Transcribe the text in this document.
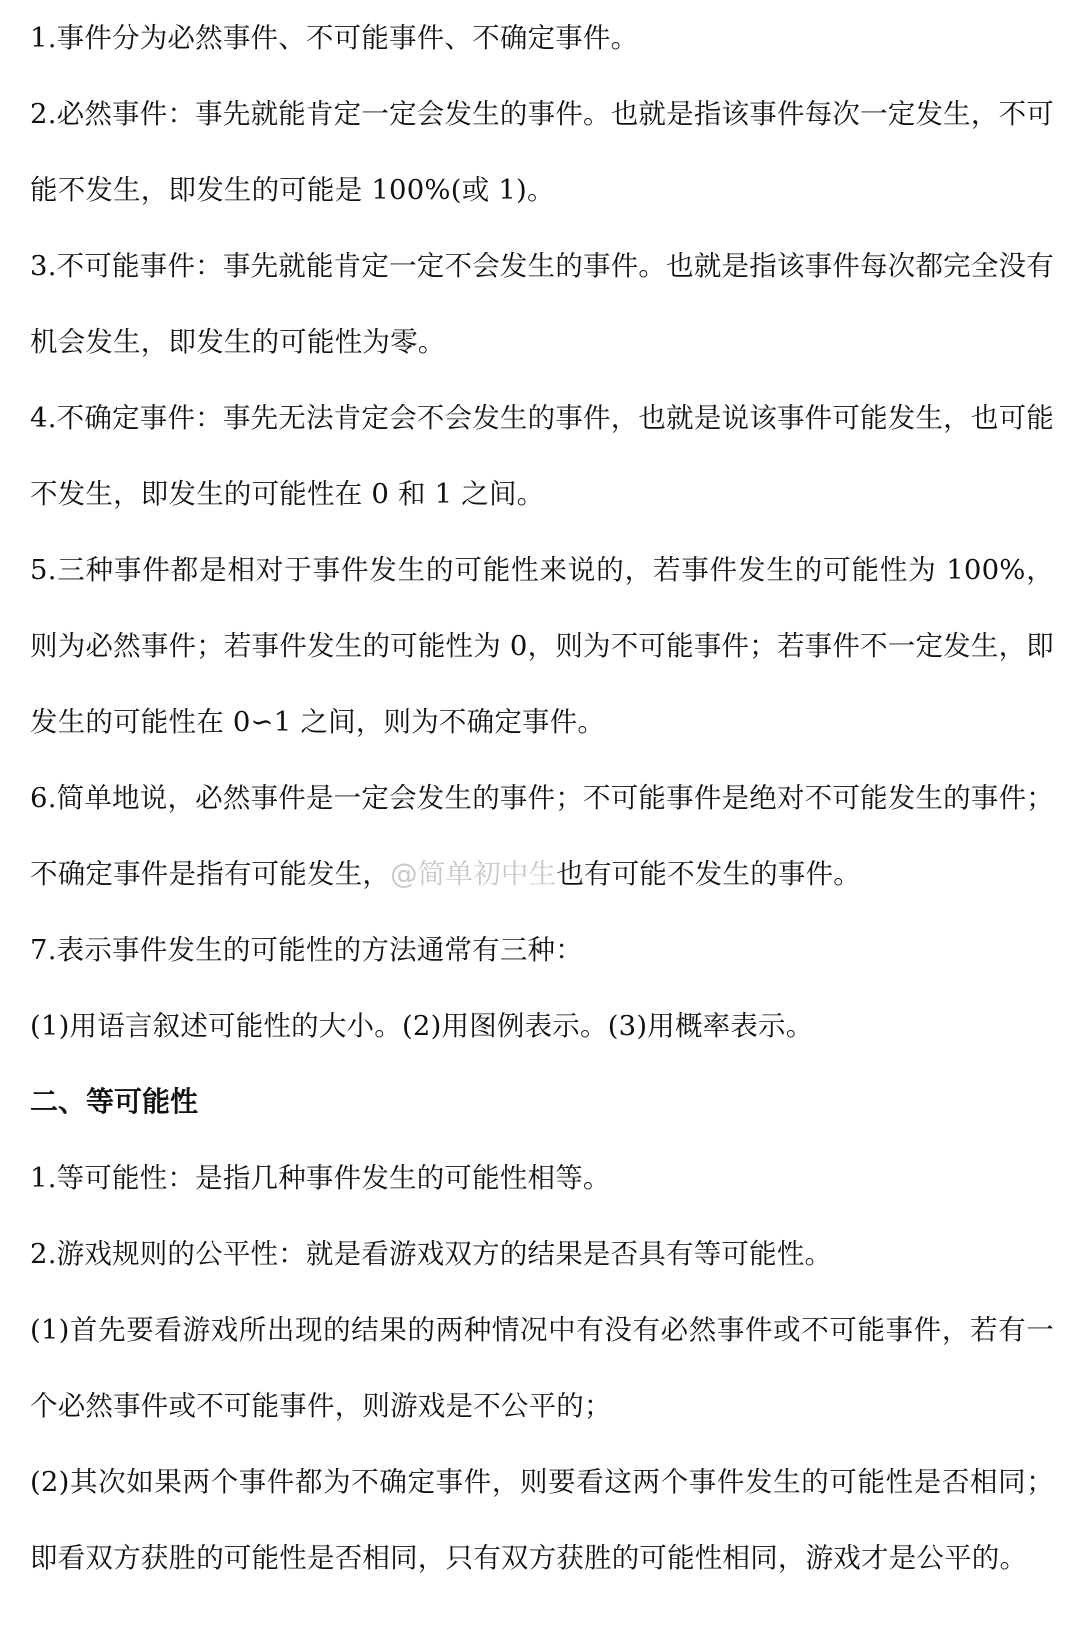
1.事件分为必然事件、不可能事件、不确定事件。

2.必然事件：事先就能肯定一定会发生的事件。也就是指该事件每次一定发生，不可能不发生，即发生的可能是 100%(或 1)。

3.不可能事件：事先就能肯定一定不会发生的事件。也就是指该事件每次都完全没有机会发生，即发生的可能性为零。

4.不确定事件：事先无法肯定会不会发生的事件，也就是说该事件可能发生，也可能不发生，即发生的可能性在 0 和 1 之间。

5.三种事件都是相对于事件发生的可能性来说的，若事件发生的可能性为 100%，则为必然事件；若事件发生的可能性为 0，则为不可能事件；若事件不一定发生，即发生的可能性在 0∽1 之间，则为不确定事件。

6.简单地说，必然事件是一定会发生的事件；不可能事件是绝对不可能发生的事件；不确定事件是指有可能发生，@简单初中生也有可能不发生的事件。

7.表示事件发生的可能性的方法通常有三种：

(1)用语言叙述可能性的大小。(2)用图例表示。(3)用概率表示。

二、等可能性

1.等可能性：是指几种事件发生的可能性相等。

2.游戏规则的公平性：就是看游戏双方的结果是否具有等可能性。

(1)首先要看游戏所出现的结果的两种情况中有没有必然事件或不可能事件，若有一个必然事件或不可能事件，则游戏是不公平的；

(2)其次如果两个事件都为不确定事件，则要看这两个事件发生的可能性是否相同；即看双方获胜的可能性是否相同，只有双方获胜的可能性相同，游戏才是公平的。
